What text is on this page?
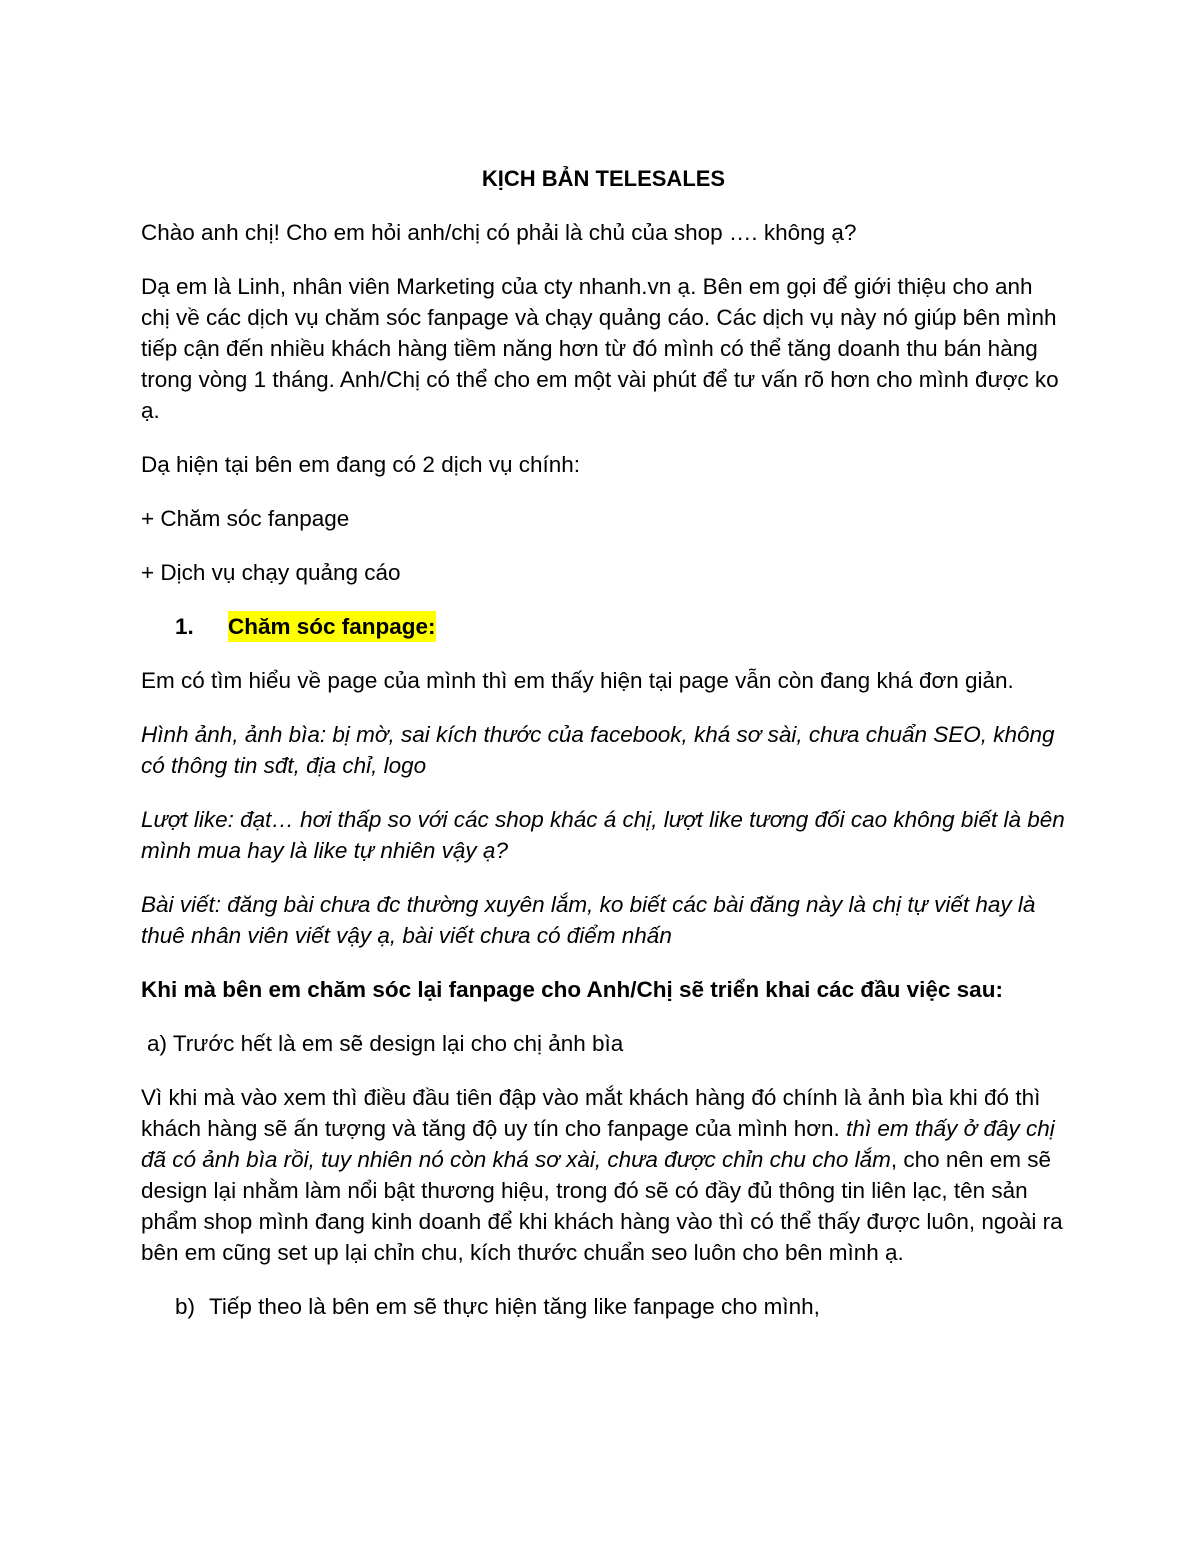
KỊCH BẢN TELESALES

Chào anh chị! Cho em hỏi anh/chị có phải là chủ của shop …. không ạ?

Dạ em là Linh, nhân viên Marketing của cty nhanh.vn ạ. Bên em gọi để giới thiệu cho anh chị về các dịch vụ chăm sóc fanpage và chạy quảng cáo. Các dịch vụ này nó giúp bên mình tiếp cận đến nhiều khách hàng tiềm năng hơn từ đó mình có thể tăng doanh thu bán hàng trong vòng 1 tháng. Anh/Chị có thể cho em một vài phút để tư vấn rõ hơn cho mình được ko ạ.

Dạ hiện tại bên em đang có 2 dịch vụ chính:

+ Chăm sóc fanpage

+ Dịch vụ chạy quảng cáo

1.	Chăm sóc fanpage:

Em có tìm hiểu về page của mình thì em thấy hiện tại page vẫn còn đang khá đơn giản.

Hình ảnh, ảnh bìa: bị mờ, sai kích thước của facebook, khá sơ sài, chưa chuẩn SEO, không có thông tin sđt, địa chỉ, logo

Lượt like: đạt… hơi thấp so với các shop khác á chị, lượt like tương đối cao không biết là bên mình mua hay là like tự nhiên vậy ạ?

Bài viết: đăng bài chưa đc thường xuyên lắm, ko biết các bài đăng này là chị tự viết hay là thuê nhân viên viết vậy ạ, bài viết chưa có điểm nhấn

Khi mà bên em chăm sóc lại fanpage cho Anh/Chị sẽ triển khai các đầu việc sau:

a) Trước hết là em sẽ design lại cho chị ảnh bìa

Vì khi mà vào xem thì điều đầu tiên đập vào mắt khách hàng đó chính là ảnh bìa khi đó thì khách hàng sẽ ấn tượng và tăng độ uy tín cho fanpage của mình hơn. thì em thấy ở đây chị đã có ảnh bìa rồi, tuy nhiên nó còn khá sơ xài, chưa được chỉn chu cho lắm, cho nên em sẽ design lại nhằm làm nổi bật thương hiệu, trong đó sẽ có đầy đủ thông tin liên lạc, tên sản phẩm shop mình đang kinh doanh để khi khách hàng vào thì có thể thấy được luôn, ngoài ra bên em cũng set up lại chỉn chu, kích thước chuẩn seo luôn cho bên mình ạ.

b) Tiếp theo là bên em sẽ thực hiện tăng like fanpage cho mình,
